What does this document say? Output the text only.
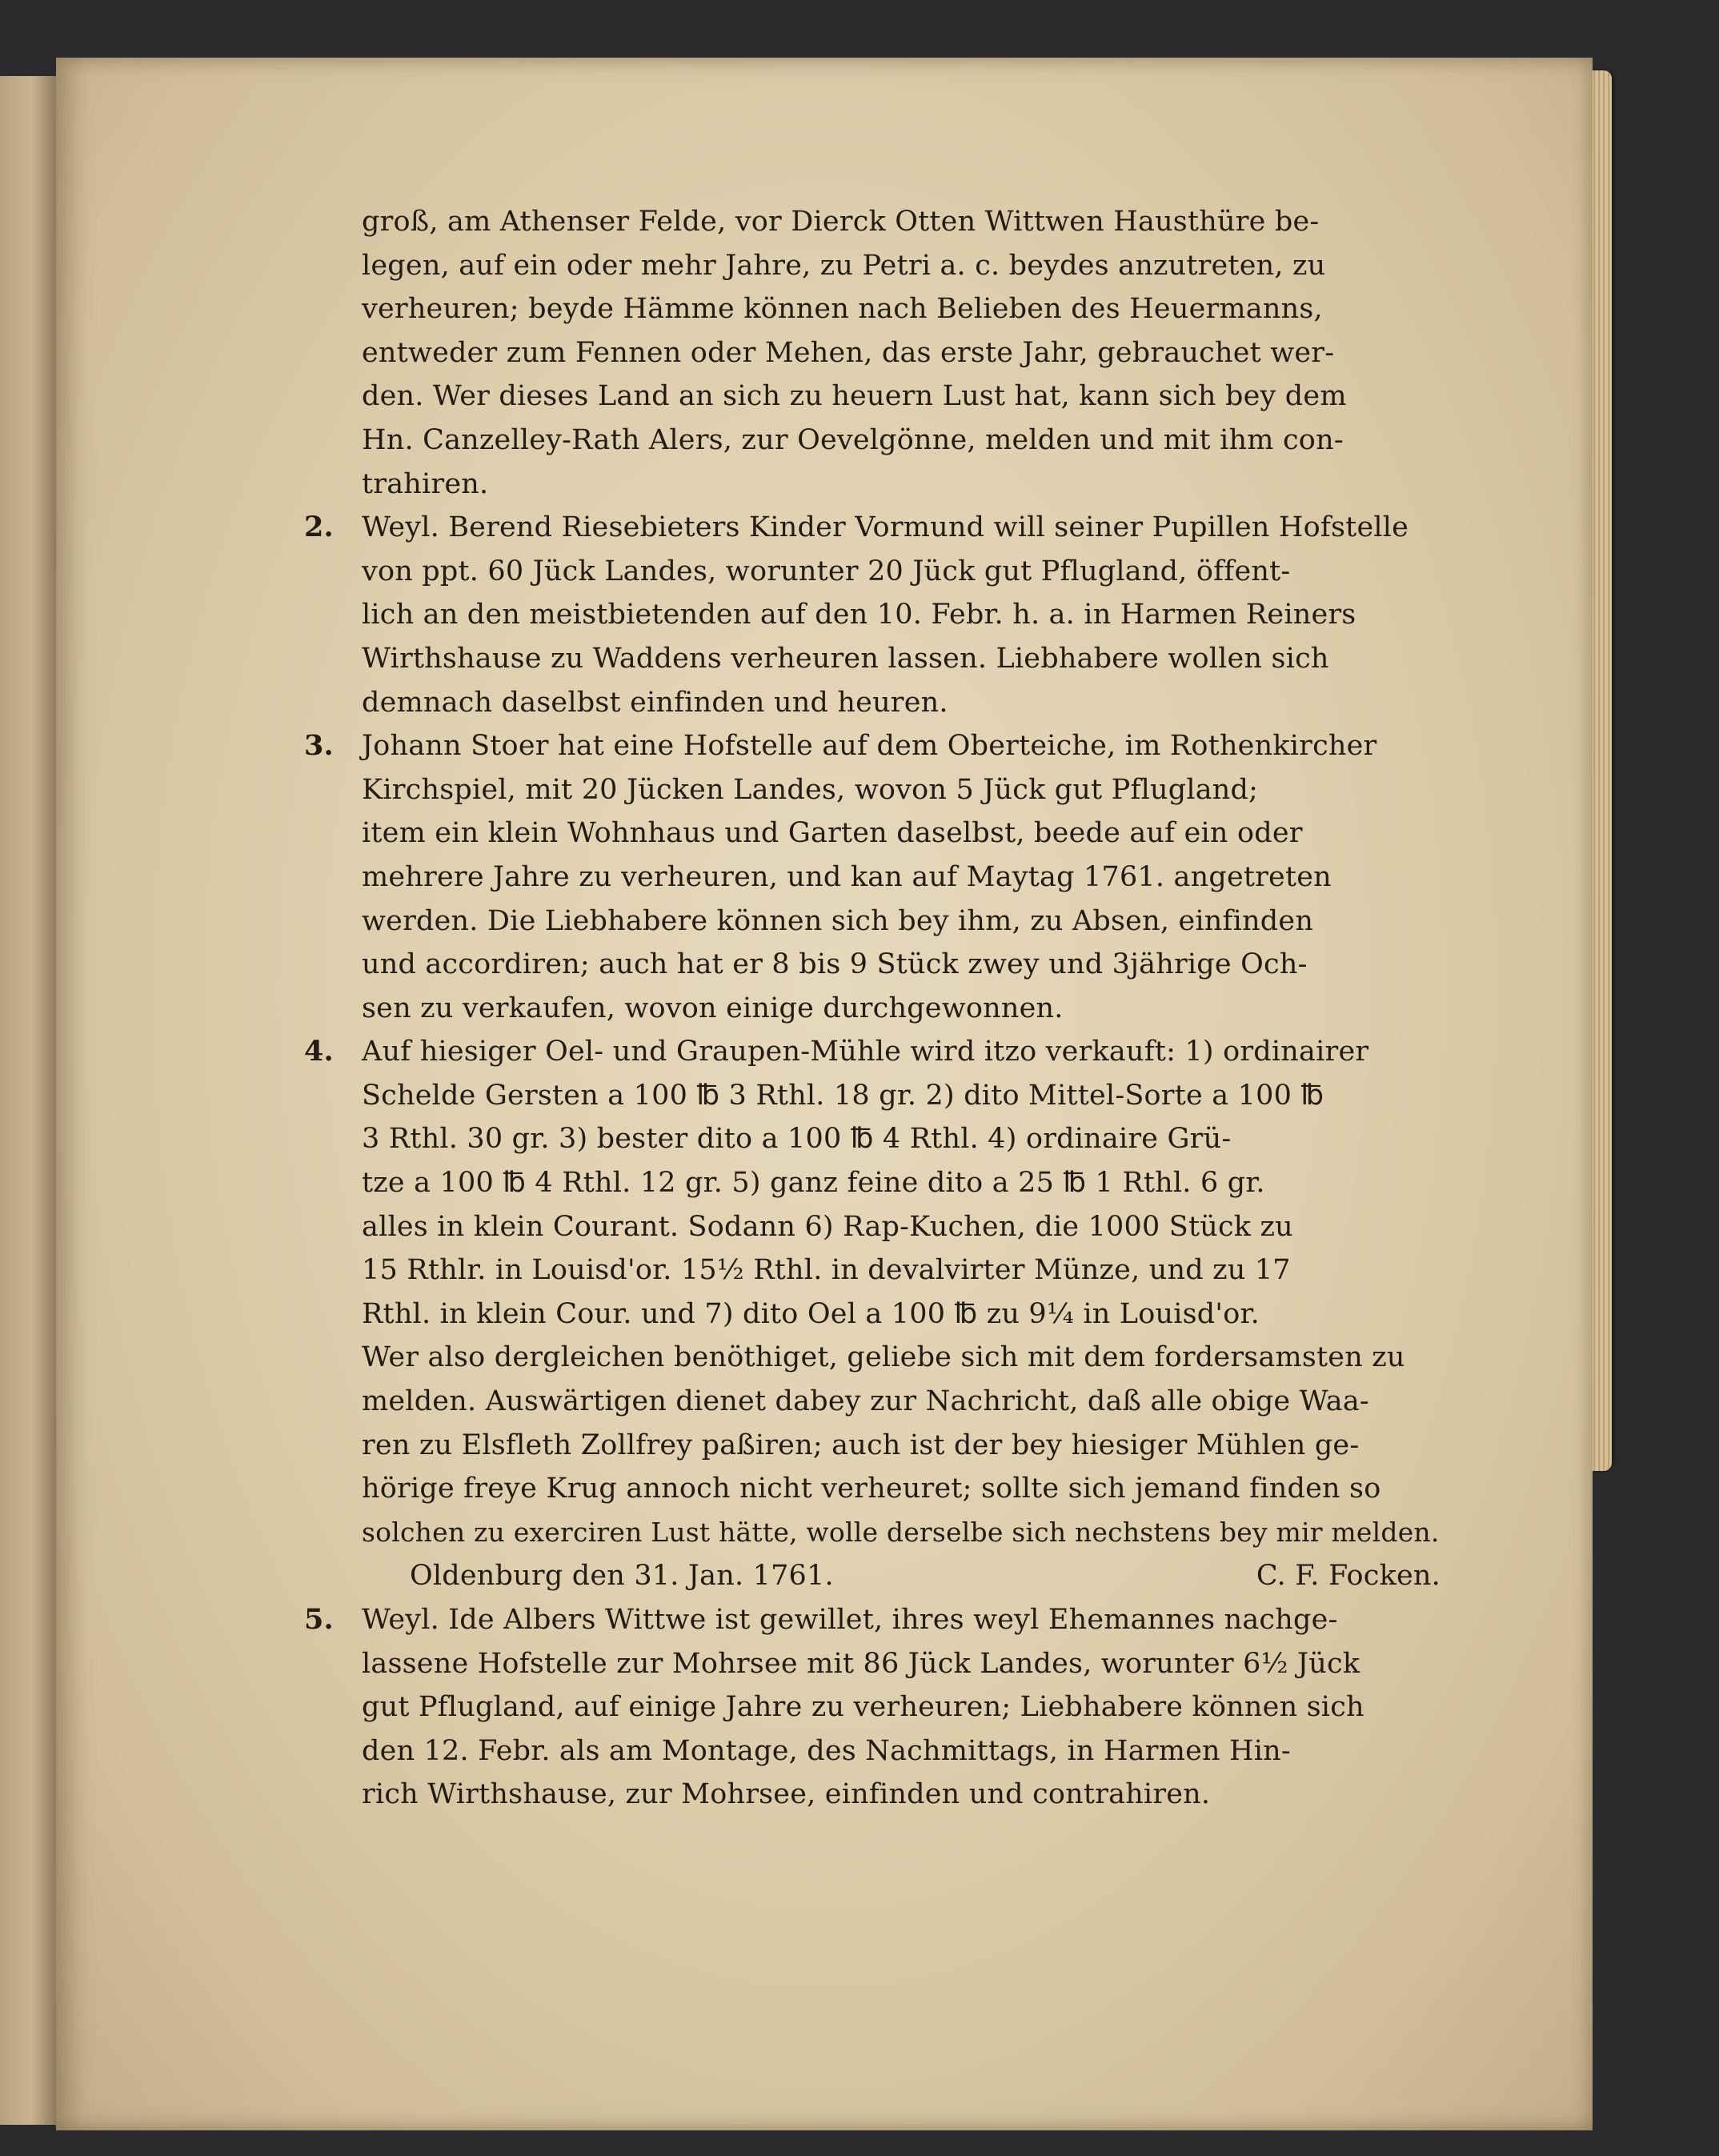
groß, am Athenser Felde, vor Dierck Otten Wittwen Hausthüre be-
legen, auf ein oder mehr Jahre, zu Petri a. c. beydes anzutreten, zu
verheuren; beyde Hämme können nach Belieben des Heuermanns,
entweder zum Fennen oder Mehen, das erste Jahr, gebrauchet wer-
den. Wer dieses Land an sich zu heuern Lust hat, kann sich bey dem
Hn. Canzelley-Rath Alers, zur Oevelgönne, melden und mit ihm con-
trahiren.
2. Weyl. Berend Riesebieters Kinder Vormund will seiner Pupillen Hofstelle
von ppt. 60 Jück Landes, worunter 20 Jück gut Pflugland, öffent-
lich an den meistbietenden auf den 10. Febr. h. a. in Harmen Reiners
Wirthshause zu Waddens verheuren lassen. Liebhabere wollen sich
demnach daselbst einfinden und heuren.
3. Johann Stoer hat eine Hofstelle auf dem Oberteiche, im Rothenkircher
Kirchspiel, mit 20 Jücken Landes, wovon 5 Jück gut Pflugland;
item ein klein Wohnhaus und Garten daselbst, beede auf ein oder
mehrere Jahre zu verheuren, und kan auf Maytag 1761. angetreten
werden. Die Liebhabere können sich bey ihm, zu Absen, einfinden
und accordiren; auch hat er 8 bis 9 Stück zwey und 3jährige Och-
sen zu verkaufen, wovon einige durchgewonnen.
4. Auf hiesiger Oel- und Graupen-Mühle wird itzo verkauft: 1) ordinairer
Schelde Gersten a 100 ℔ 3 Rthl. 18 gr. 2) dito Mittel-Sorte a 100 ℔
3 Rthl. 30 gr. 3) bester dito a 100 ℔ 4 Rthl. 4) ordinaire Grü-
tze a 100 ℔ 4 Rthl. 12 gr. 5) ganz feine dito a 25 ℔ 1 Rthl. 6 gr.
alles in klein Courant. Sodann 6) Rap-Kuchen, die 1000 Stück zu
15 Rthlr. in Louisd'or. 15½ Rthl. in devalvirter Münze, und zu 17
Rthl. in klein Cour. und 7) dito Oel a 100 ℔ zu 9¼ in Louisd'or.
Wer also dergleichen benöthiget, geliebe sich mit dem fordersamsten zu
melden. Auswärtigen dienet dabey zur Nachricht, daß alle obige Waa-
ren zu Elsfleth Zollfrey paßiren; auch ist der bey hiesiger Mühlen ge-
hörige freye Krug annoch nicht verheuret; sollte sich jemand finden so
solchen zu exerciren Lust hätte, wolle derselbe sich nechstens bey mir melden.
Oldenburg den 31. Jan. 1761.	C. F. Focken.
5. Weyl. Ide Albers Wittwe ist gewillet, ihres weyl Ehemannes nachge-
lassene Hofstelle zur Mohrsee mit 86 Jück Landes, worunter 6½ Jück
gut Pflugland, auf einige Jahre zu verheuren; Liebhabere können sich
den 12. Febr. als am Montage, des Nachmittags, in Harmen Hin-
rich Wirthshause, zur Mohrsee, einfinden und contrahiren.
